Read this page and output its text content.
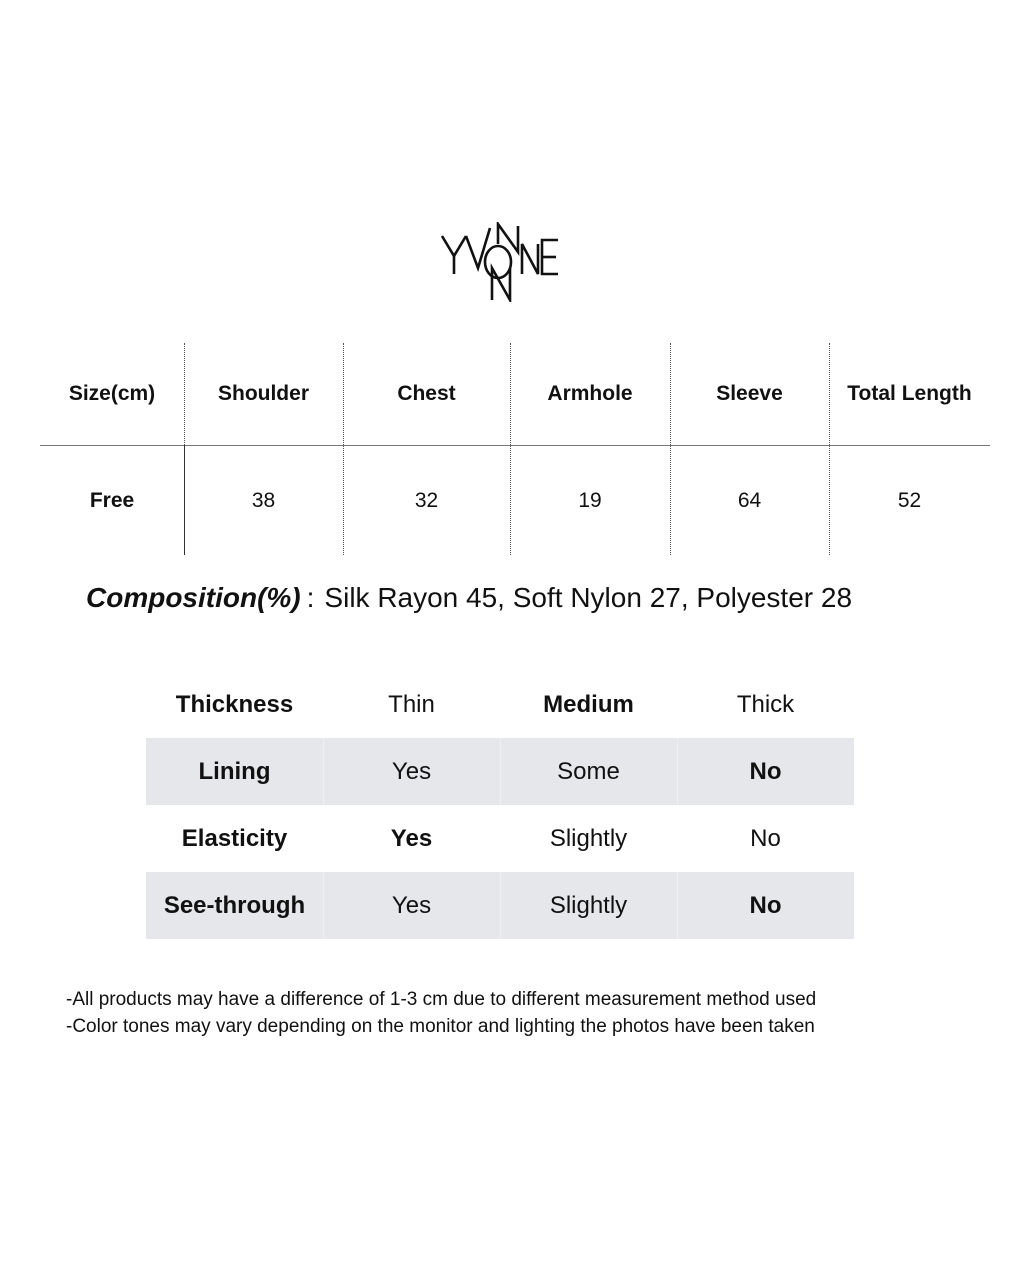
Size(cm)	Shoulder	Chest	Armhole	Sleeve	Total Length
Free	38	32	19	64	52
Composition(%) : Silk Rayon 45, Soft Nylon 27, Polyester 28
Thickness	Thin	Medium	Thick
Lining	Yes	Some	No
Elasticity	Yes	Slightly	No
See-through	Yes	Slightly	No
-All products may have a difference of 1-3 cm due to different measurement method used
-Color tones may vary depending on the monitor and lighting the photos have been taken
